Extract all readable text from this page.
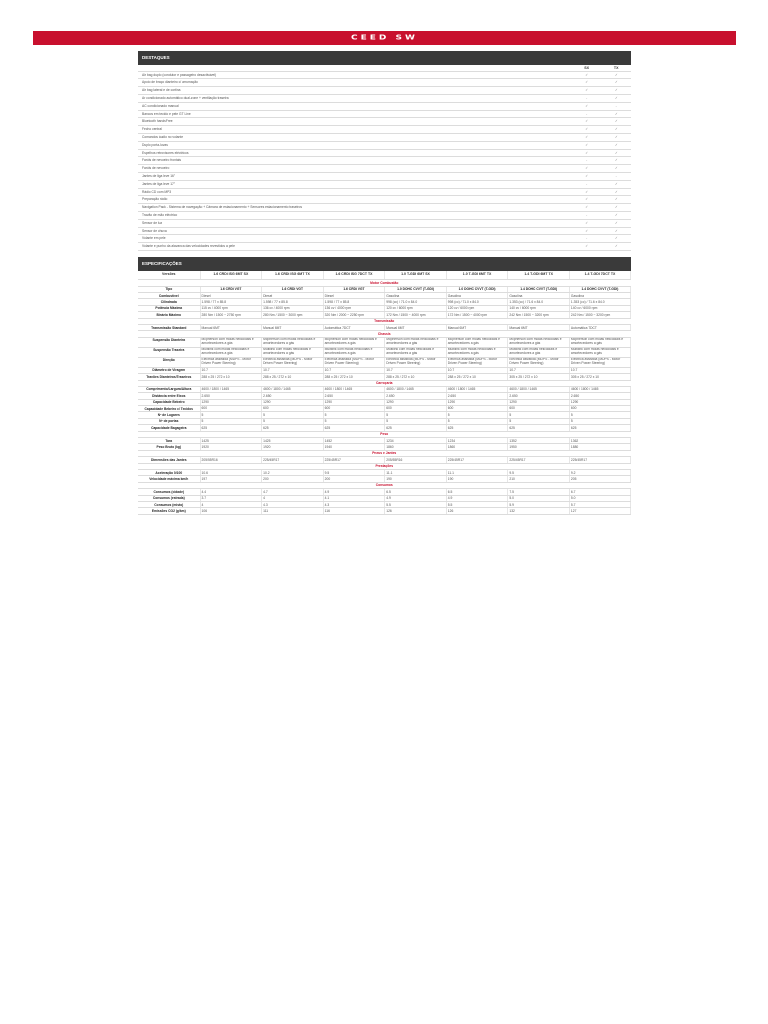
CEED SW
DESTAQUES
	SX	TX
Air bag duplo (condutor e passageiro desactivável)	✓	✓
Apoio de braço dianteiro c/ arrumação	✓	✓
Air bag lateral e de cortina	✓	✓
Ar condicionado automático dual-zone + ventilação traseira	-	✓
AC condicionado manual	✓	-
Bancos em tecido e pele GT Line	-	✓
Bluetooth handsFree	✓	✓
Fecho central	✓	✓
Comandos áudio no volante	✓	✓
Duplo porta-luvas	✓	✓
Espelhos retrovisores eléctricos	✓	✓
Faróis de nevoeiro frontais	-	✓
Faróis de nevoeiro	✓	✓
Jantes de liga leve 16"	✓	-
Jantes de liga leve 17"	-	✓
Rádio CD com MP3	✓	✓
Preparação rádio	✓	✓
Navigation Pack - Sistema de navegação + Câmara de estacionamento + Sensores estacionamento traseiros	✓	✓
Travão de mão eléctrico	-	✓
Sensor de luz	✓	✓
Sensor de chuva	✓	✓
Volante em pele	-	✓
Volante e punho da alavanca das velocidades revestidos a pele	✓	✓
ESPECIFICAÇÕES
Versões	1.6 CRDi ISG 6MT SX	1.6 CRDi ISG 6MT TX	1.6 CRDi ISG 7DCT TX	1.0 T-GDI 6MT SX	1.0 T-GDI 6MT TX	1.4 T-GDI 6MT TX	1.4 T-GDI 7DCT TX
Motor Combustão							
Tipo	1.6 CRDi VGT	1.6 CRDi VGT	1.6 CRDi VGT	1.0 DOHC CVVT (T-GDI)	1.0 DOHC CVVT (T-GDI)	1.4 DOHC CVVT (T-GDI)	1.4 DOHC CVVT (T-GDI)
Combustível	Diesel	Diesel	Diesel	Gasolina	Gasolina	Gasolina	Gasolina
Cilindrada	1.598 / 77 x 85.8	1.598 / 77 x 85.8	1.598 / 77 x 85.8	998 (cc) / 71.0 x 84.0	998 (cc) / 71.0 x 84.0	1.353 (cc) / 71.6 x 84.0	1.353 (cc) / 71.6 x 84.0
Potência Máxima	115 cv / 4000 rpm	136 cv / 4000 rpm	136 cv / 4000 rpm	120 cv / 6000 rpm	120 cv / 6000 rpm	140 cv / 6000 rpm	140 cv / 6000 rpm
Binário Máximo	280 Nm / 1500 ~ 2750 rpm	280 Nm / 1500 ~ 3000 rpm	320 Nm / 2000 ~ 2250 rpm	172 Nm / 1500 ~ 4000 rpm	172 Nm / 1500 ~ 4000 rpm	242 Nm / 1500 ~ 3200 rpm	242 Nm / 1500 ~ 3200 rpm
Transmissão							
Transmissão Standard	Manual 6MT	Manual 6MT	Automática 7DCT	Manual 6MT	Manual 6MT	Manual 6MT	Automática 7DCT
Chassis							
Suspensão Dianteira	Mcpherson com molas helicoidais e amortecedores a gás	Mcpherson com molas helicoidais e amortecedores a gás	Mcpherson com molas helicoidais e amortecedores a gás	Mcpherson com molas helicoidais e amortecedores a gás	Mcpherson com molas helicoidais e amortecedores a gás	Mcpherson com molas helicoidais e amortecedores a gás	Mcpherson com molas helicoidais e amortecedores a gás
Suspensão Traseira	Multilink com molas helicoidais e amortecedores a gás	Multilink com molas helicoidais e amortecedores a gás	Multilink com molas helicoidais e amortecedores a gás	Multilink com molas helicoidais e amortecedores a gás	Multilink com molas helicoidais e amortecedores a gás	Multilink com molas helicoidais e amortecedores a gás	Multilink com molas helicoidais e amortecedores a gás
Direção	Eléctrica assistida (MDPS - Motor Driven Power Steering)	Eléctrica assistida (MDPS - Motor Driven Power Steering)	Eléctrica assistida (MDPS - Motor Driven Power Steering)	Eléctrica assistida (MDPS - Motor Driven Power Steering)	Eléctrica assistida (MDPS - Motor Driven Power Steering)	Eléctrica assistida (MDPS - Motor Driven Power Steering)	Eléctrica assistida (MDPS - Motor Driven Power Steering)
Diâmetro de Viragem	10.7	10.7	10.7	10.7	10.7	10.7	10.7
Travões Dianteiros/Traseiros	288 x 25 / 272 x 10	288 x 25 / 272 x 10	288 x 25 / 272 x 10	288 x 25 / 272 x 10	288 x 25 / 272 x 10	305 x 25 / 272 x 10	305 x 25 / 272 x 10
Carroçaria							
Comprimento/Largura/Altura	4600 / 1800 / 1465	4600 / 1800 / 1465	4600 / 1800 / 1465	4600 / 1800 / 1465	4600 / 1800 / 1465	4600 / 1800 / 1465	4600 / 1800 / 1465
Distância entre Eixos	2.650	2.650	2.650	2.650	2.650	2.650	2.650
Capacidade Bebeiro	1290	1290	1290	1290	1290	1290	1290
Capacidade Bebeiro c/ Tecidos	600	600	600	600	600	600	600
Nº de Lugares	5	5	5	5	5	5	5
Nº de portas	5	5	5	5	5	5	5
Capacidade Bagageira	625	625	625	625	625	625	625
Peso							
Tara	1425	1425	1452	1234	1234	1352	1362
Peso Bruto (kg)	1920	1920	1940	1860	1860	1950	1880
Pneus e Jantes							
Dimensões das Jantes	205/55R16	225/45R17	225/45R17	205/55R16	225/45R17	225/45R17	225/45R17
Prestações							
Aceleração 0/100	10.6	10.2	9.5	11.1	11.1	9.5	9.2
Velocidade máxima km/h	197	200	200	190	190	210	205
Consumos							
Consumos (cidade)	4.4	4.7	4.9	6.5	6.5	7.5	6.7
Consumos (estrada)	3.7	4	4.1	4.9	4.9	5.0	5.0
Consumos (misto)	4	4.3	4.3	5.5	5.5	5.9	5.7
Emissões CO2 (g/km)	106	111	116	126	126	132	127
